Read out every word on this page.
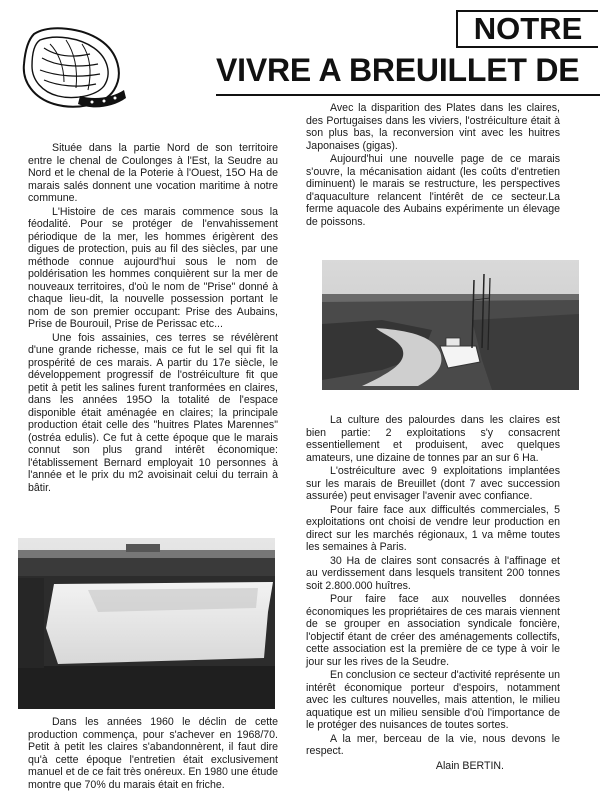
NOTRE
VIVRE A BREUILLET DE

Située dans la partie Nord de son territoire entre le chenal de Coulonges à l'Est, la Seudre au Nord et le chenal de la Poterie à l'Ouest, 15O Ha de marais salés donnent une vocation maritime à notre commune.

L'Histoire de ces marais commence sous la féodalité. Pour se protéger de l'envahissement périodique de la mer, les hommes érigèrent des digues de protection, puis au fil des siècles, par une méthode connue aujourd'hui sous le nom de poldérisation les hommes conquièrent sur la mer de nouveaux territoires, d'où le nom de "Prise" donné à chaque lieu-dit, la nouvelle possession portant le nom de son premier occupant: Prise des Aubains, Prise de Bourouil, Prise de Perissac etc...

Une fois assainies, ces terres se révélèrent d'une grande richesse, mais ce fut le sel qui fit la prospérité de ces marais. A partir du 17e siècle, le développement progressif de l'ostréiculture fit que petit à petit les salines furent tranformées en claires, dans les années 195O la totalité de l'espace disponible était aménagée en claires; la principale production était celle des "huitres Plates Marennes" (ostréa edulis). Ce fut à cette époque que le marais connut son plus grand intérêt économique: l'établissement Bernard employait 10 personnes à l'année et le prix du m2 avoisinait celui du terrain à bâtir.

Dans les années 1960 le déclin de cette production commença, pour s'achever en 1968/70. Petit à petit les claires s'abandonnèrent, il faut dire qu'à cette époque l'entretien était exclusivement manuel et de ce fait très onéreux. En 1980 une étude montre que 70% du marais était en friche.

Avec la disparition des Plates dans les claires, des Portugaises dans les viviers, l'ostréiculture était à son plus bas, la reconversion vint avec les huitres Japonaises (gigas).

Aujourd'hui une nouvelle page de ce marais s'ouvre, la mécanisation aidant (les coûts d'entretien diminuent) le marais se restructure, les perspectives d'aquaculture relancent l'intérêt de ce secteur.La ferme aquacole des Aubains expérimente un élevage de poissons.

La culture des palourdes dans les claires est bien partie: 2 exploitations s'y consacrent essentiellement et produisent, avec quelques amateurs, une dizaine de tonnes par an sur 6 Ha.

L'ostréiculture avec 9 exploitations implantées sur les marais de Breuillet (dont 7 avec succession assurée) peut envisager l'avenir avec confiance.

Pour faire face aux difficultés commerciales, 5 exploitations ont choisi de vendre leur production en direct sur les marchés régionaux, 1 va même toutes les semaines à Paris.

30 Ha de claires sont consacrés à l'affinage et au verdissement dans lesquels transitent 200 tonnes soit 2.800.000 huîtres.

Pour faire face aux nouvelles données économiques les propriétaires de ces marais viennent de se grouper en association syndicale foncière, l'objectif étant de créer des aménagements collectifs, cette association est la première de ce type à voir le jour sur les rives de la Seudre.

En conclusion ce secteur d'activité représente un intérêt économique porteur d'espoirs, notamment avec les cultures nouvelles, mais attention, le milieu aquatique est un milieu sensible d'où l'importance de le protéger des nuisances de toutes sortes.

A la mer, berceau de la vie, nous devons le respect.

Alain BERTIN.
